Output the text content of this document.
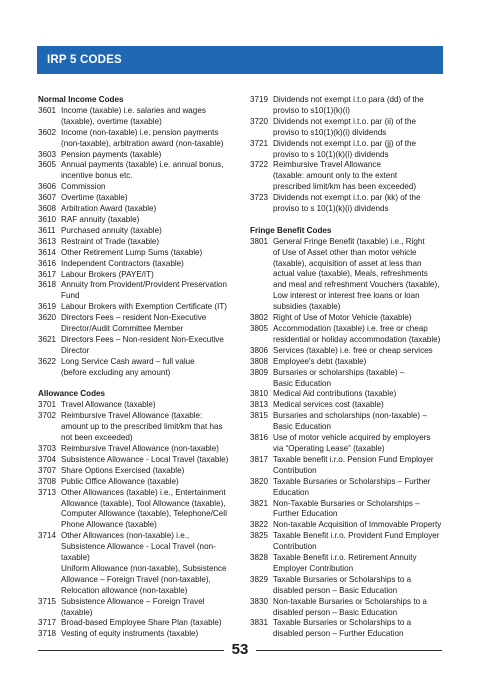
IRP 5 CODES
Normal Income Codes
3601 Income (taxable) i.e. salaries and wages
(taxable), overtime (taxable)
3602 Income (non-taxable) i.e. pension payments
(non-taxable), arbitration award (non-taxable)
3603 Pension payments (taxable)
3605 Annual payments (taxable) i.e. annual bonus,
incentive bonus etc.
3606 Commission
3607 Overtime (taxable)
3608 Arbitration Award (taxable)
3610 RAF annuity (taxable)
3611 Purchased annuity (taxable)
3613 Restraint of Trade (taxable)
3614 Other Retirement Lump Sums (taxable)
3616 Independent Contractors (taxable)
3617 Labour Brokers (PAYE/IT)
3618 Annuity from Provident/Provident Preservation
Fund
3619 Labour Brokers with Exemption Certificate (IT)
3620 Directors Fees – resident Non-Executive
Director/Audit Committee Member
3621 Directors Fees – Non-resident Non-Executive
Director
3622 Long Service Cash award – full value
(before excluding any amount)
Allowance Codes
3701 Travel Allowance (taxable)
3702 Reimbursive Travel Allowance (taxable:
amount up to the prescribed limit/km that has
not been exceeded)
3703 Reimbursive Travel Allowance (non-taxable)
3704 Subsistence Allowance - Local Travel (taxable)
3707 Share Options Exercised (taxable)
3708 Public Office Allowance (taxable)
3713 Other Allowances (taxable) i.e., Entertainment
Allowance (taxable), Tool Allowance (taxable),
Computer Allowance (taxable), Telephone/Cell
Phone Allowance (taxable)
3714 Other Allowances (non-taxable) i.e.,
Subsistence Allowance - Local Travel (non-
taxable)
Uniform Allowance (non-taxable), Subsistence
Allowance – Foreign Travel (non-taxable),
Relocation allowance (non-taxable)
3715 Subsistence Allowance – Foreign Travel
(taxable)
3717 Broad-based Employee Share Plan (taxable)
3718 Vesting of equity instruments (taxable)
3719 Dividends not exempt i.t.o para (dd) of the
proviso to s10(1)(k)(i)
3720 Dividends not exempt i.t.o. par (ii) of the
proviso to s10(1)(k)(i) dividends
3721 Dividends not exempt i.t.o. par (jj) of the
proviso to s 10(1)(k)(i) dividends
3722 Reimbursive Travel Allowance
(taxable: amount only to the extent
prescribed limit/km has been exceeded)
3723 Dividends not exempt i.t.o. par (kk) of the
proviso to s 10(1)(k)(i) dividends
Fringe Benefit Codes
3801 General Fringe Benefit (taxable) i.e., Right
of Use of Asset other than motor vehicle
(taxable), acquisition of asset at less than
actual value (taxable), Meals, refreshments
and meal and refreshment Vouchers (taxable),
Low interest or interest free loans or loan
subsidies (taxable)
3802 Right of Use of Motor Vehicle (taxable)
3805 Accommodation (taxable) i.e. free or cheap
residential or holiday accommodation (taxable)
3806 Services (taxable) i.e. free or cheap services
3808 Employee's debt (taxable)
3809 Bursaries or scholarships (taxable) –
Basic Education
3810 Medical Aid contributions (taxable)
3813 Medical services cost (taxable)
3815 Bursaries and scholarships (non-taxable) –
Basic Education
3816 Use of motor vehicle acquired by employers
via “Operating Lease” (taxable)
3817 Taxable benefit i.r.o. Pension Fund Employer
Contribution
3820 Taxable Bursaries or Scholarships – Further
Education
3821 Non-Taxable Bursaries or Scholarships –
Further Education
3822 Non-taxable Acquisition of Immovable Property
3825 Taxable Benefit i.r.o. Provident Fund Employer
Contribution
3828 Taxable Benefit i.r.o. Retirement Annuity
Employer Contribution
3829 Taxable Bursaries or Scholarships to a
disabled person – Basic Education
3830 Non-taxable Bursaries or Scholarships to a
disabled person – Basic Education
3831 Taxable Bursaries or Scholarships to a
disabled person – Further Education
53
